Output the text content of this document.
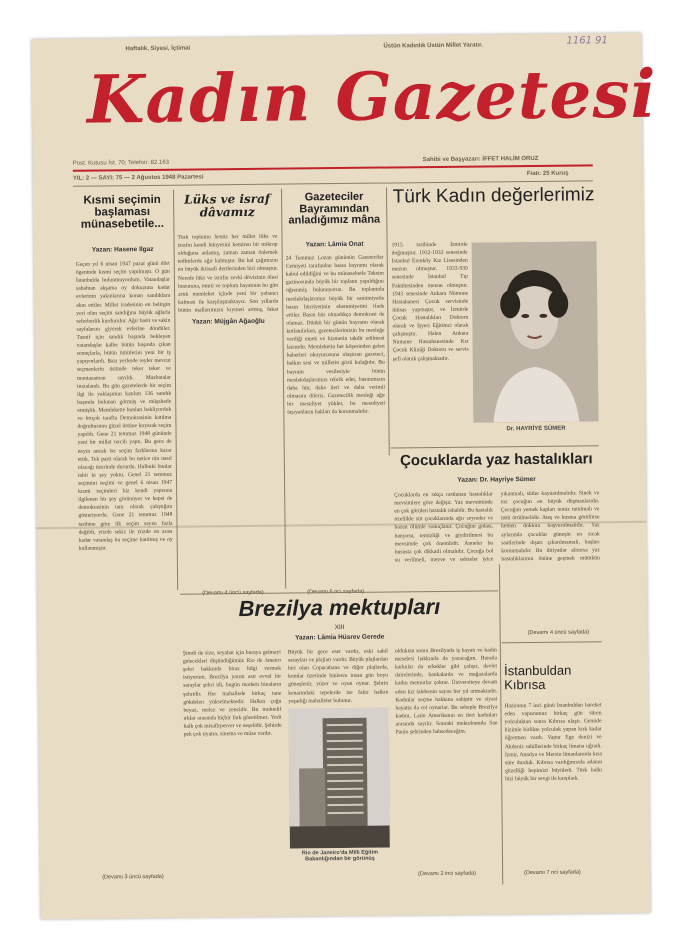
Haftalık, Siyasi, İçtimai	Üstün Kadınlık Üstün Millet Yaratır.	1161 91
Kadın Gazetesi
Post. Kutusu İst. 70; Telefon: 82.163
Sahibi ve Başyazarı: İFFET HALİM ORUZ
YIL: 2 — SAYI: 75 — 2 Ağustos 1948 Pazartesi
Fiatı: 25 Kuruş
Kısmi seçimin başlaması münasebetile...
Yazan: Hasene Ilgaz
Geçen yıl 6 nisan 1947 pazar günü dört ögeninde kısmi seçim yapılmıştı. O gün İstanbulda bulunmuyordum. Vatandaşlar sabahtan akşama oy dokuzuna kadar evlerinin yakınlarına konan sandıklara akın ettiler. Millet iradesinin en belirgin yeri olan seçim sandığına büyük ağlarla seferberlik kurdurulur. Ağır basit ve sakin sayfalarını giyerek evlerine döndüler. Tasnif için sandık başında bekleyen vatandaşlar kalbe bütün başında çıkan sonuçlarla, bütün ümitlerini yeni bir iş yapıyorlardı. Bazı yerlerde reyler mevcut seçmenlerin üstünde teker teker ve muntazaman sayıldı. Mazbatalar imzalandı. Bu gün gazetelerde bir seçim ilgi ile yaklaşımın katılım 136 sandık başında bulunan görmüş ve müşahede etmişlik. Memlekette bunları bekliyorduk ve birçok tarafta Demokrasinin katılma doğrultusunu güzel üstüne koyarak seçim yapıldı. Gene 21 temmuz 1948 gününde yeni bir millet tercih yaptı. Bu gece de neyin ancak ise seçim farklarına karar ettik. Tek parti olarak bu netice nin nasıl olacağı üzerinde dururdu. Halbuki bunlar tabii ki şey yoktu. Genel 21 temmuz seçimini seçimi ve genel 6 nisan 1947 kısmi seçimleri biz kendi yapısına ilgilenen bir şey görünüyor ve hepsi de demokrasinin tam olarak çalıştığını gösteriyordu. Gene 21 temmuz 1948 tarihine göre ilk seçim sayısı fazla değildi, yüzde sekiz ile yüzde on arası kadar vatandaş bu seçime katılmış ve oy kullanmıştır.
(Devamı 3 üncü sayfada)
Lüks ve israf dâvamız
Türk toplumu henüz her millet lüks ve israfın kendi bünyesini kemiren bir mikrop olduğuna anlamış, zaman zaman önlemek tedbirlerde ağır kalmıştır. Bu hal çağımızın en büyük iktisadi dertlerinden biri olmuştur. Nerede lüks ve israfın zevki dövizinin ölesi huzuruna, ömrü ve toplum hayatının bu gün artık memleket içinde yeni bir yabancı kalması ile karşılaşmaktayız. Son yıllarda bütün mallarımızın kıymeti artmış, fakat
Yazan: Müjgân Ağaoğlu
Gazeteciler Bayramından anladığımız mâna
Yazan: Lâmia Onat
24 Temmuz Lozan gününün Gazeteciler Cemiyeti tarafından basın bayramı olarak kabul edildiğini ve bu münasebetle Taksim gazinosunda büyük bir toplantı yapıldığını öğrenmiş bulunuyoruz. Bu toplantıda meslekdaşlarımız büyük bir samimiyetle basın hürriyetinin ehemmiyetini ifade ettiler. Basın hür olmadıkça demokrasi de olamaz. Dünkü bir günün bayramı olarak kutlanılırken, gazetecilerimizin bu mesleğe verdiği emek ve hizmetin takdir edilmesi lazımdır. Memleketin her köşesinden gelen haberleri okuyucusuna ulaştıran gazeteci, halkın sesi ve milletin gözü kulağıdır. Bu bayram vesilesiyle bütün meslekdaşlarımızı tebrik eder, basınımızın daha hür, daha ileri ve daha verimli olmasını dileriz. Gazetecilik mesleği ağır bir mesuliyet yükler, bu mesuliyeti taşıyanların hakları da korunmalıdır.
Türk Kadın değerlerimiz
1915 tarihinde İzmirde doğmuştur. 1932-1933 senesinde İstanbul Erenköy Kız Lisesinden mezun olmuştur. 1933-939 senesinde İstanbul Tıp Fakültesinden mezun olmuştur. 1943 senesinde Ankara Nümune Hastahanesi Çocuk servisinde ihtisas yapmıştır, ve İzmirde Çocuk Hastalıkları Doktoru olarak ve İşyeri Eğitimci olarak çalışmıştır. Halen Ankara Numune Hastahanesinde Kız Çocuk Kliniği Doktoru ve servis şefi olarak çalışmaktadır.
Dr. HAYRİYE SÜMER
Çocuklarda yaz hastalıkları
Yazan: Dr. Hayriye Sümer
Çocuklarda en sıkça rastlanan hastalıklar mevsimlere göre değişir. Yaz mevsiminde en çok görülen hastalık ishaldir. Bu hastalık özellikle süt çocuklarında ağır seyreder ve bazen ölümle sonuçlanır. Çocuğun gıdası, banyosu, temizliği ve giydirilmesi bu mevsimde çok önemlidir. Anneler bu hususta çok dikkatli olmalıdır. Çocuğa bol su verilmeli, meyve ve sebzeler iyice yıkanmalı, sütler kaynatılmalıdır. Sinek ve toz çocuğun en büyük düşmanlarıdır. Çocuğun yemek kapları temiz tutulmalı ve üstü örtülmelidir. Ateş ve kusma görülürse hemen doktora başvurulmalıdır. Yaz aylarında çocuklar güneşin en sıcak saatlerinde dışarı çıkarılmamalı, başları korunmalıdır. Bu ihtiyatlar alınırsa yaz hastalıklarının önüne geçmek mümkün
Brezilya mektupları
XIII
Yazan: Lâmia Hüsrev Gerede
Şimdi de size, seyahat için buraya gelmeyi gelecekleri düşündüğümüz Rio de Janeiro şehri hakkında biraz bilgi vermek istiyorum. Brezilya yarım asır evvel bir saraylar şehri idi, bugün modern binaların şehridir. Her mahallede birkaç tane gökdelen yükselmektedir. Halkın çoğu beyaz, melez ve zencidir. Bu muhtelif ırklar arasında hiçbir fark gözetilmez. Yerli halk çok misafirperver ve neşelidir. Şehirde pek çok tiyatro, sinema ve müze vardır.
Büyük bir gece eser vardır, eski sahil sarayları ve plajları vardır. Büyük plajlardan biri olan Copacabana ve diğer plajlarda, kumlar üzerinde binlerce insan gün boyu güneşlenir, yüzer ve oyun oynar. Şehrin kenarındaki tepelerde ise fakir halkın yaşadığı mahalleler bulunur.
Rio de Janeiro'da Milli Eğitim Bakanlığından bir görünüş
olduktan sonra Brezilyada iş hayatı ve kadın meselesi hakkında da yazacağım. Burada kadınlar da erkekler gibi çalışır, devlet dairelerinde, bankalarda ve mağazalarda kadın memurlar çoktur. Üniversiteye devam eden kız talebenin sayısı her yıl artmaktadır. Kadınlar seçme hakkına sahiptir ve siyasi hayatta da rol oynarlar. Bu sebeple Brezilya kadını, Latin Amerikanın en ileri kadınları arasında sayılır. Sonraki mektubumda Sao Paulo şehrinden bahsedeceğim.
(Devamı 2 inci sayfada)
(Devamı 4 üncü sayfada)
İstanbuldan Kıbrısa
Haziranın 7 inci günü İstanbuldan hareket eden vapurumuz birkaç gün süren yolculuktan sonra Kıbrısa ulaştı. Gemide bizimle birlikte yolculuk yapan kırk kadar öğretmen vardı. Vapur Ege denizi ve Akdeniz sahillerinde birkaç limana uğradı. İzmir, Antalya ve Mersin limanlarında kısa süre durduk. Kıbrısa vardığımızda adanın güzelliği hepimizi büyüledi. Türk halkı bizi büyük bir sevgi ile karşıladı.
(Devamı 7 nci sayfada)
